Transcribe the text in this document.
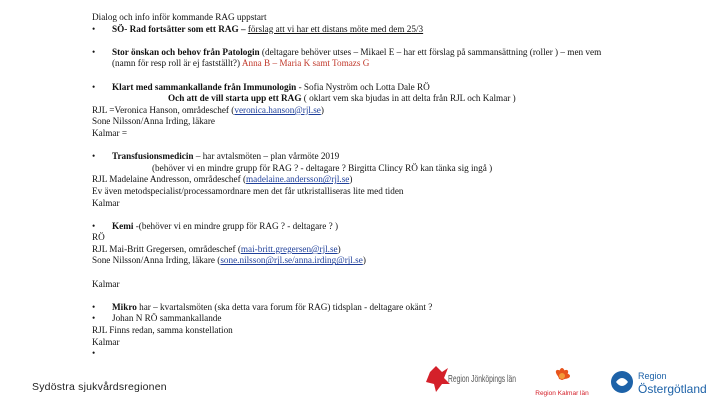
Dialog och info inför kommande RAG uppstart
• SÖ- Rad fortsätter som ett RAG – förslag att vi har ett distans möte med dem 25/3
• Stor önskan och behov från Patologin (deltagare behöver utses – Mikael E – har ett förslag på sammansättning (roller ) – men vem
(namn för resp roll är ej fastställt?) Anna B – Maria K samt Tomazs G
• Klart med sammankallande från Immunologin - Sofia Nyström och Lotta Dale RÖ
Och att de vill starta upp ett RAG ( oklart vem ska bjudas in att delta från RJL och Kalmar )
RJL =Veronica Hanson, områdeschef (veronica.hanson@rjl.se)
Sone Nilsson/Anna Irding, läkare
Kalmar =
• Transfusionsmedicin – har avtalsmöten – plan vårmöte 2019
(behöver vi en mindre grupp för RAG ? - deltagare ? Birgitta Clincy RÖ kan tänka sig ingå )
RJL Madelaine Andresson, områdeschef (madelaine.andersson@rjl.se)
Ev även metodspecialist/processamordnare men det får utkristalliseras lite med tiden
Kalmar
• Kemi -(behöver vi en mindre grupp för RAG ? - deltagare ? )
RÖ
RJL Mai-Britt Gregersen, områdeschef (mai-britt.gregersen@rjl.se)
Sone Nilsson/Anna Irding, läkare (sone.nilsson@rjl.se/anna.irding@rjl.se)
Kalmar
• Mikro har – kvartalsmöten (ska detta vara forum för RAG) tidsplan - deltagare okänt ?
• Johan N RÖ sammankallande
RJL Finns redan, samma konstellation
Kalmar
•
Sydöstra sjukvårdsregionen
Region Jönköpings län
Region Kalmar län
Region
Östergötland
